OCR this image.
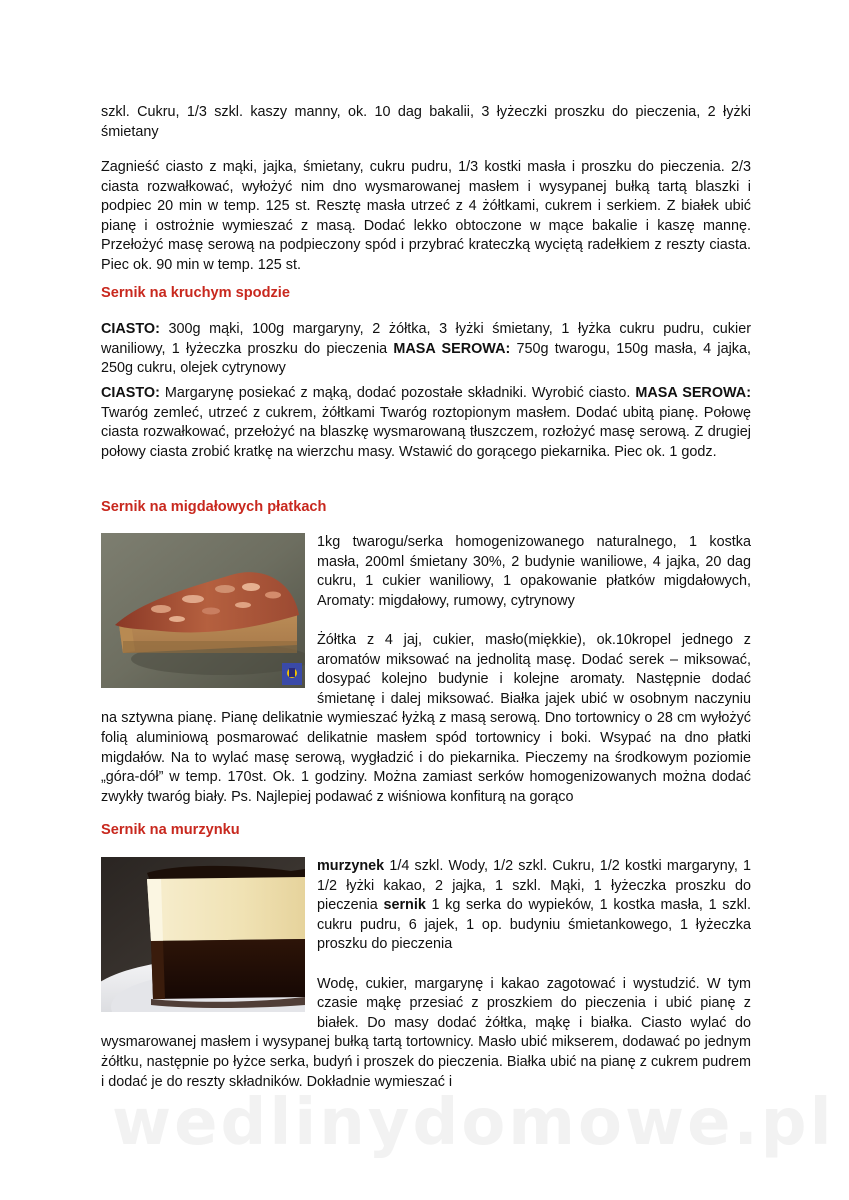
szkl. Cukru, 1/3 szkl. kaszy manny, ok. 10 dag bakalii, 3 łyżeczki proszku do pieczenia, 2 łyżki śmietany

Zagnieść ciasto z mąki, jajka, śmietany, cukru pudru, 1/3 kostki masła i proszku do pieczenia. 2/3 ciasta rozwałkować, wyłożyć nim dno wysmarowanej masłem i wysypanej bułką tartą blaszki i podpiec 20 min w temp. 125 st. Resztę masła utrzeć z 4 żółtkami, cukrem i serkiem. Z białek ubić pianę i ostrożnie wymieszać z masą. Dodać lekko obtoczone w mące bakalie i kaszę mannę. Przełożyć masę serową na podpieczony spód i przybrać krateczką wyciętą radełkiem z reszty ciasta. Piec ok. 90 min w temp. 125 st.

Sernik na kruchym spodzie

CIASTO: 300g mąki, 100g margaryny, 2 żółtka, 3 łyżki śmietany, 1 łyżka cukru pudru, cukier waniliowy, 1 łyżeczka proszku do pieczenia MASA SEROWA: 750g twarogu, 150g masła, 4 jajka, 250g cukru, olejek cytrynowy

CIASTO: Margarynę posiekać z mąką, dodać pozostałe składniki. Wyrobić ciasto. MASA SEROWA: Twaróg zemleć, utrzeć z cukrem, żółtkami Twaróg roztopionym masłem. Dodać ubitą pianę. Połowę ciasta rozwałkować, przełożyć na blaszkę wysmarowaną tłuszczem, rozłożyć masę serową. Z drugiej połowy ciasta zrobić kratkę na wierzchu masy. Wstawić do gorącego piekarnika. Piec ok. 1 godz.

Sernik na migdałowych płatkach
1kg twarogu/serka homogenizowanego naturalnego, 1 kostka masła, 200ml śmietany 30%, 2 budynie waniliowe, 4 jajka, 20 dag cukru, 1 cukier waniliowy, 1 opakowanie płatków migdałowych, Aromaty: migdałowy, rumowy, cytrynowy
Żółtka z 4 jaj, cukier, masło(miękkie), ok.10kropel jednego z aromatów miksować na jednolitą masę. Dodać serek – miksować, dosypać kolejno budynie i kolejne aromaty. Następnie dodać śmietanę i dalej miksować. Białka jajek ubić w osobnym naczyniu na sztywna pianę. Pianę delikatnie wymieszać łyżką z masą serową. Dno tortownicy o 28 cm wyłożyć folią aluminiową posmarować delikatnie masłem spód tortownicy i boki. Wsypać na dno płatki migdałów. Na to wylać masę serową, wygładzić i do piekarnika. Pieczemy na środkowym poziomie „góra-dół” w temp. 170st. Ok. 1 godziny. Można zamiast serków homogenizowanych można dodać zwykły twaróg biały. Ps. Najlepiej podawać z wiśniowa konfiturą na gorąco
Sernik na murzynku
murzynek 1/4 szkl. Wody, 1/2 szkl. Cukru, 1/2 kostki margaryny, 1 1/2 łyżki kakao, 2 jajka, 1 szkl. Mąki, 1 łyżeczka proszku do pieczenia sernik 1 kg serka do wypieków, 1 kostka masła, 1 szkl. cukru pudru, 6 jajek, 1 op. budyniu śmietankowego, 1 łyżeczka proszku do pieczenia
Wodę, cukier, margarynę i kakao zagotować i wystudzić. W tym czasie mąkę przesiać z proszkiem do pieczenia i ubić pianę z białek. Do masy dodać żółtka, mąkę i białka. Ciasto wylać do wysmarowanej masłem i wysypanej bułką tartą tortownicy. Masło ubić mikserem, dodawać po jednym żółtku, następnie po łyżce serka, budyń i proszek do pieczenia. Białka ubić na pianę z cukrem pudrem i dodać je do reszty składników. Dokładnie wymieszać i
wedlinydomowe.pl
